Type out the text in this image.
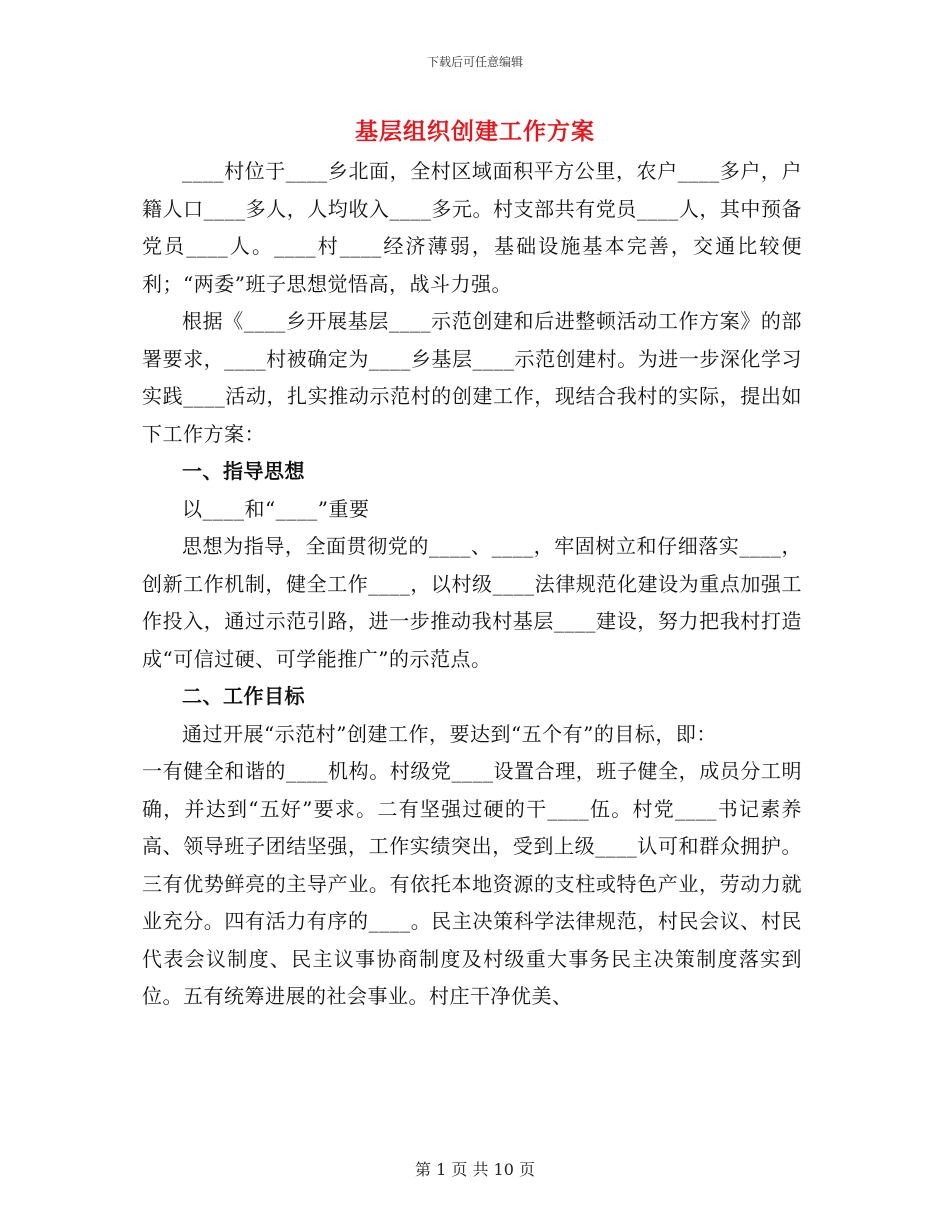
下载后可任意编辑
基层组织创建工作方案

____村位于____乡北面，全村区域面积平方公里，农户____多户，户籍人口____多人，人均收入____多元。村支部共有党员____人，其中预备党员____人。____村____经济薄弱，基础设施基本完善，交通比较便利；“两委”班子思想觉悟高，战斗力强。

根据《____乡开展基层____示范创建和后进整顿活动工作方案》的部署要求，____村被确定为____乡基层____示范创建村。为进一步深化学习实践____活动，扎实推动示范村的创建工作，现结合我村的实际，提出如下工作方案：

一、指导思想

以____和“____”重要

思想为指导，全面贯彻党的____、____，牢固树立和仔细落实____，创新工作机制，健全工作____，以村级____法律规范化建设为重点加强工作投入，通过示范引路，进一步推动我村基层____建设，努力把我村打造成“可信过硬、可学能推广”的示范点。

二、工作目标

通过开展“示范村”创建工作，要达到“五个有”的目标，即：

一有健全和谐的____机构。村级党____设置合理，班子健全，成员分工明确，并达到“五好”要求。二有坚强过硬的干____伍。村党____书记素养高、领导班子团结坚强，工作实绩突出，受到上级____认可和群众拥护。三有优势鲜亮的主导产业。有依托本地资源的支柱或特色产业，劳动力就业充分。四有活力有序的____。民主决策科学法律规范，村民会议、村民代表会议制度、民主议事协商制度及村级重大事务民主决策制度落实到位。五有统筹进展的社会事业。村庄干净优美、

第 1 页 共 10 页
